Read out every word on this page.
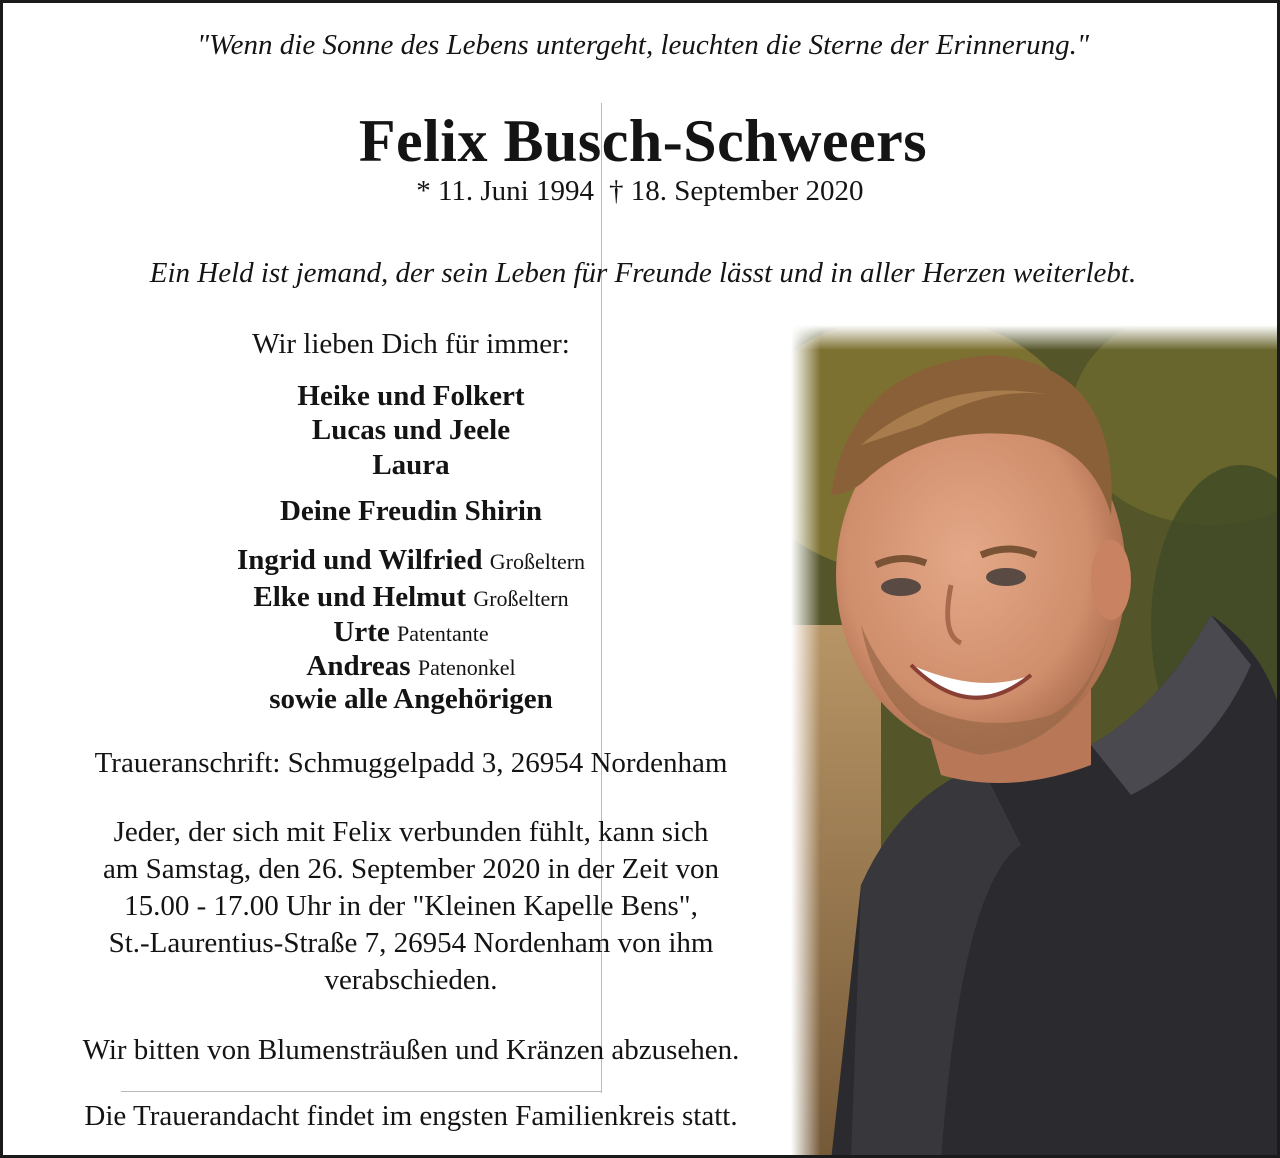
"Wenn die Sonne des Lebens untergeht, leuchten die Sterne der Erinnerung."

Felix Busch-Schweers
* 11. Juni 1994 † 18. September 2020

Ein Held ist jemand, der sein Leben für Freunde lässt und in aller Herzen weiterlebt.

Wir lieben Dich für immer:
Heike und Folkert
Lucas und Jeele
Laura
Deine Freudin Shirin
Ingrid und Wilfried Großeltern
Elke und Helmut Großeltern
Urte Patentante
Andreas Patenonkel
sowie alle Angehörigen
Traueranschrift: Schmuggelpadd 3, 26954 Nordenham
Jeder, der sich mit Felix verbunden fühlt, kann sich
am Samstag, den 26. September 2020 in der Zeit von
15.00 - 17.00 Uhr in der "Kleinen Kapelle Bens",
St.-Laurentius-Straße 7, 26954 Nordenham von ihm
verabschieden.
Wir bitten von Blumensträußen und Kränzen abzusehen.
Die Trauerandacht findet im engsten Familienkreis statt.
